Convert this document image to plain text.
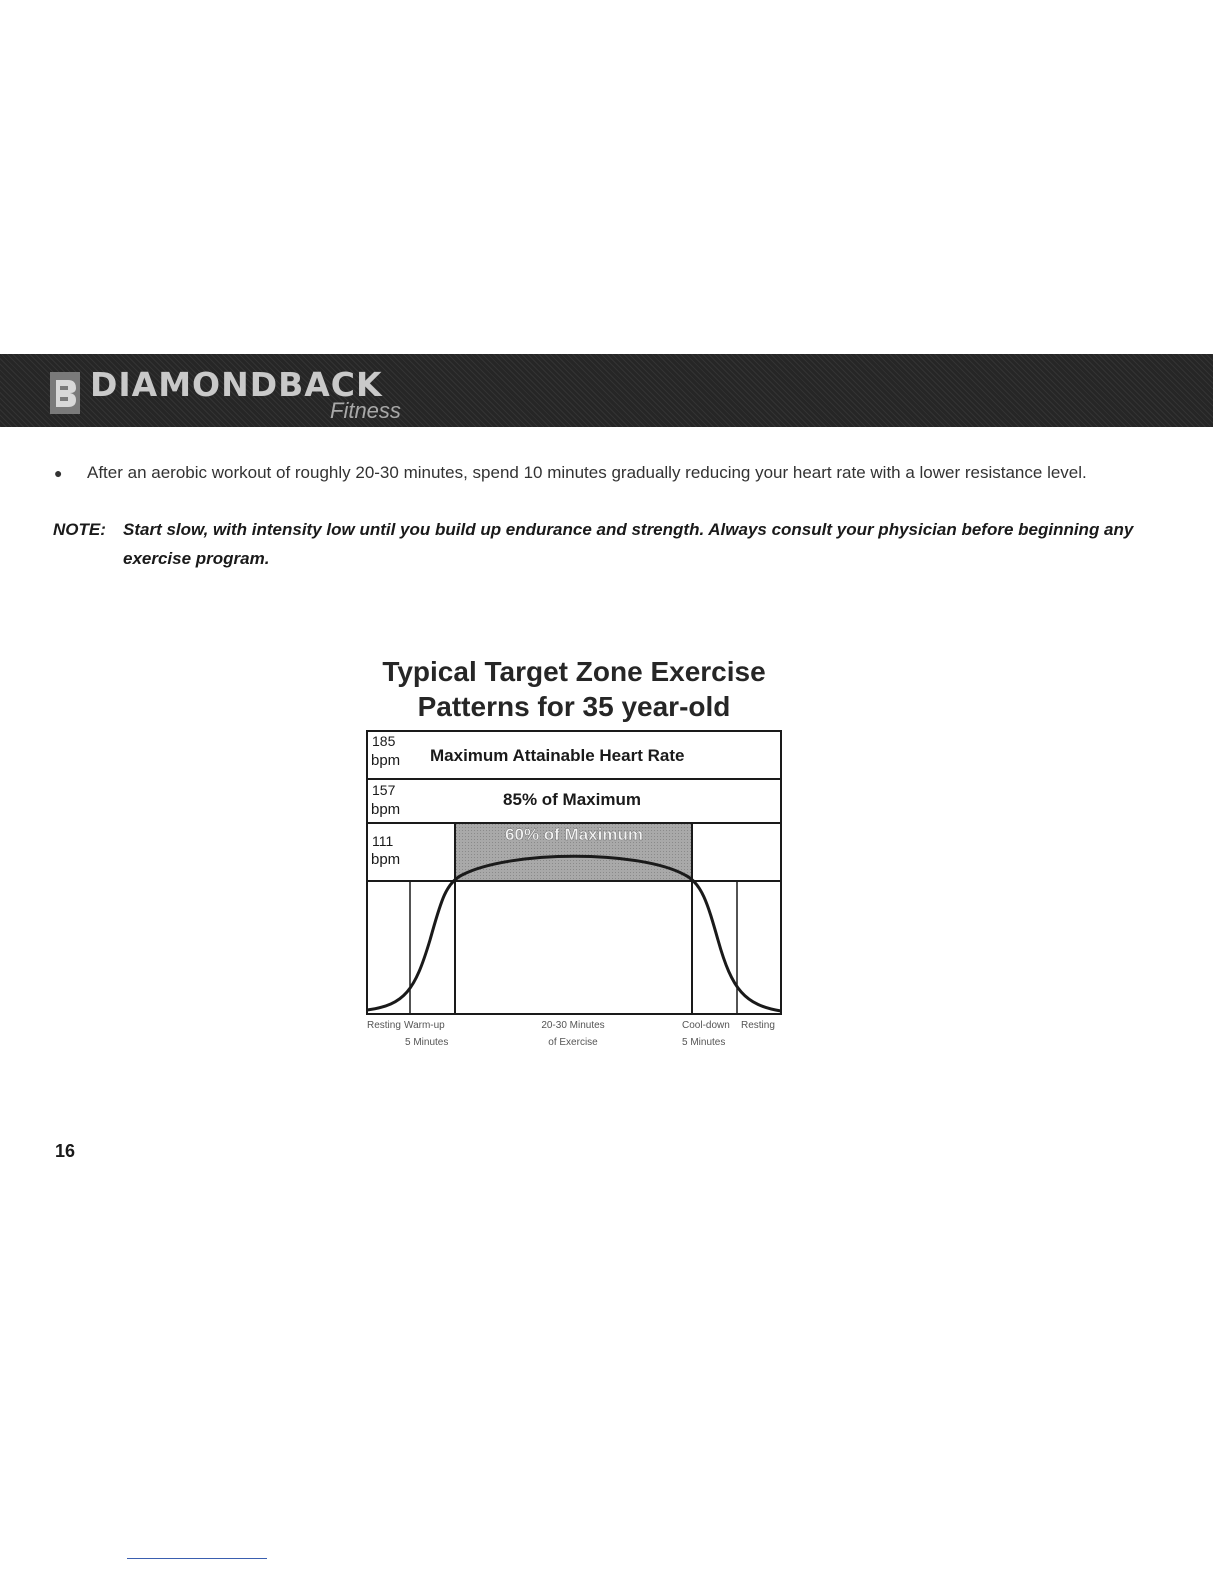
DIAMONDBACK
Fitness
● After an aerobic workout of roughly 20-30 minutes, spend 10 minutes gradually reducing your heart rate with a lower resistance level.
NOTE: Start slow, with intensity low until you build up endurance and strength. Always consult your physician before beginning any exercise program.
Typical Target Zone Exercise
Patterns for 35 year-old
185
bpm Maximum Attainable Heart Rate
157
bpm
85% of Maximum
111
bpm
60% of Maximum
Resting Warm-up
5 Minutes
20-30 Minutes
of Exercise
Cool-down
5 Minutes
Resting
16
